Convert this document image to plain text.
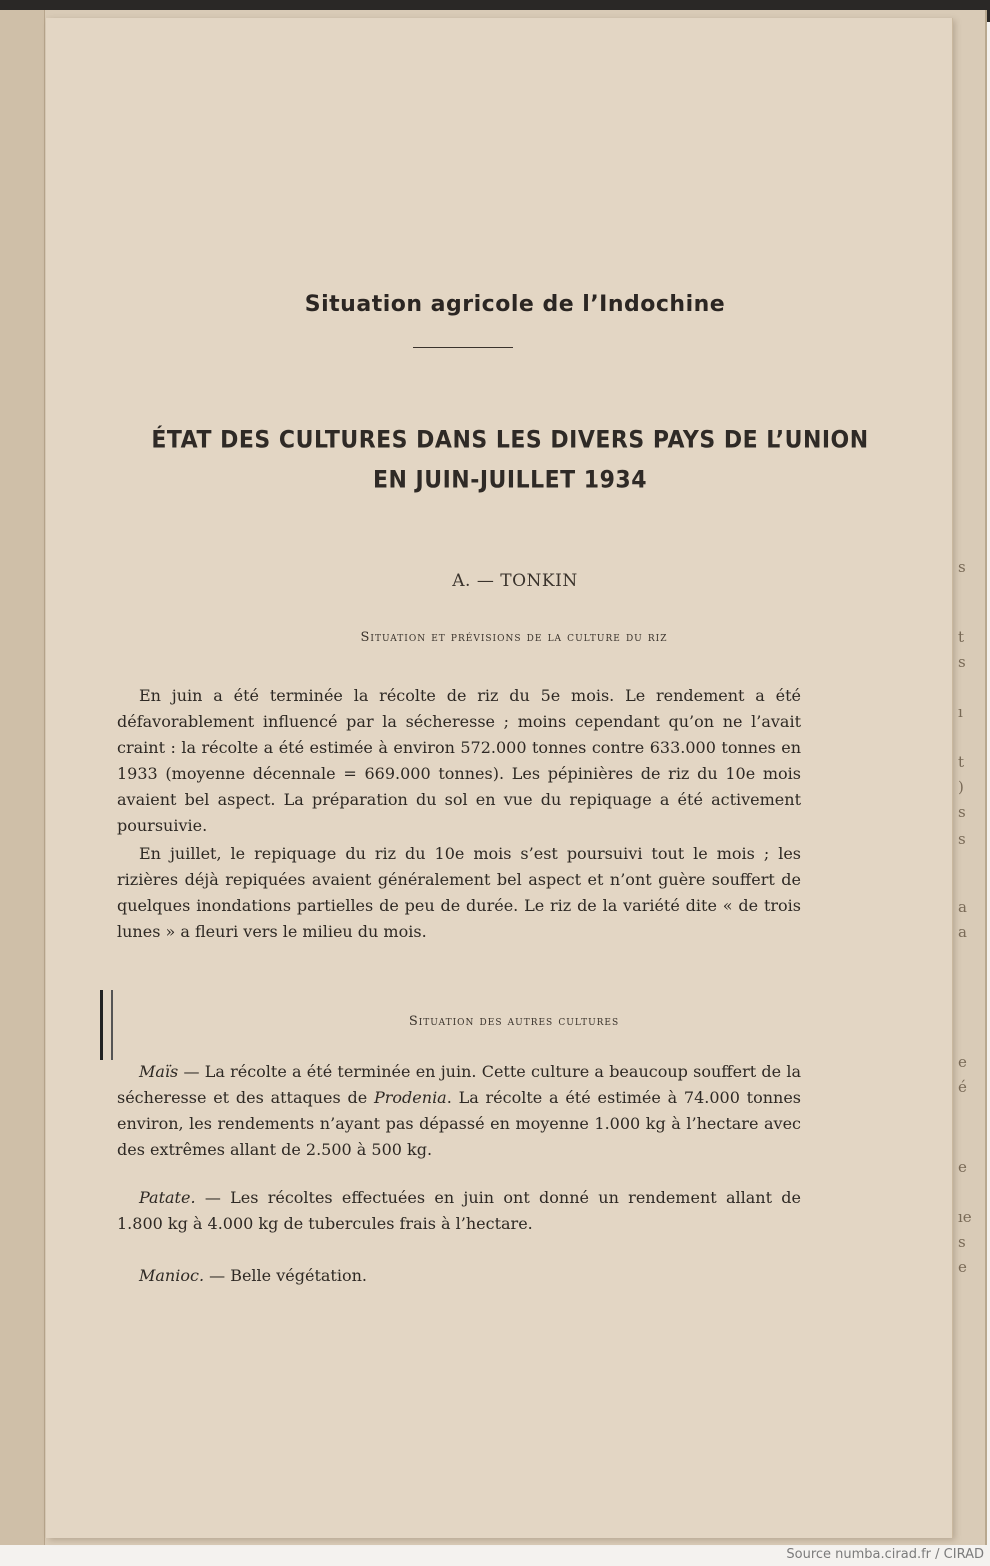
s
t
s
ı
t
)
s
s
a
a
e
é
e
ıe
s
e
Situation agricole de l’Indochine
ÉTAT DES CULTURES DANS LES DIVERS PAYS DE L’UNION
EN JUIN-JUILLET 1934
A. — TONKIN
Situation et prévisions de la culture du riz

En juin a été terminée la récolte de riz du 5e mois. Le rendement a été défavorablement influencé par la sécheresse ; moins cependant qu’on ne l’avait craint : la récolte a été estimée à environ 572.000 tonnes contre 633.000 tonnes en 1933 (moyenne décennale = 669.000 tonnes). Les pépinières de riz du 10e mois avaient bel aspect. La préparation du sol en vue du repiquage a été activement poursuivie.

En juillet, le repiquage du riz du 10e mois s’est poursuivi tout le mois ; les rizières déjà repiquées avaient généralement bel aspect et n’ont guère souffert de quelques inondations partielles de peu de durée. Le riz de la variété dite « de trois lunes » a fleuri vers le milieu du mois.

Situation des autres cultures

Maïs — La récolte a été terminée en juin. Cette culture a beaucoup souffert de la sécheresse et des attaques de Prodenia. La récolte a été estimée à 74.000 tonnes environ, les rendements n’ayant pas dépassé en moyenne 1.000 kg à l’hectare avec des extrêmes allant de 2.500 à 500 kg.

Patate. — Les récoltes effectuées en juin ont donné un rendement allant de 1.800 kg à 4.000 kg de tubercules frais à l’hectare.

Manioc. — Belle végétation.

Source numba.cirad.fr / CIRAD
